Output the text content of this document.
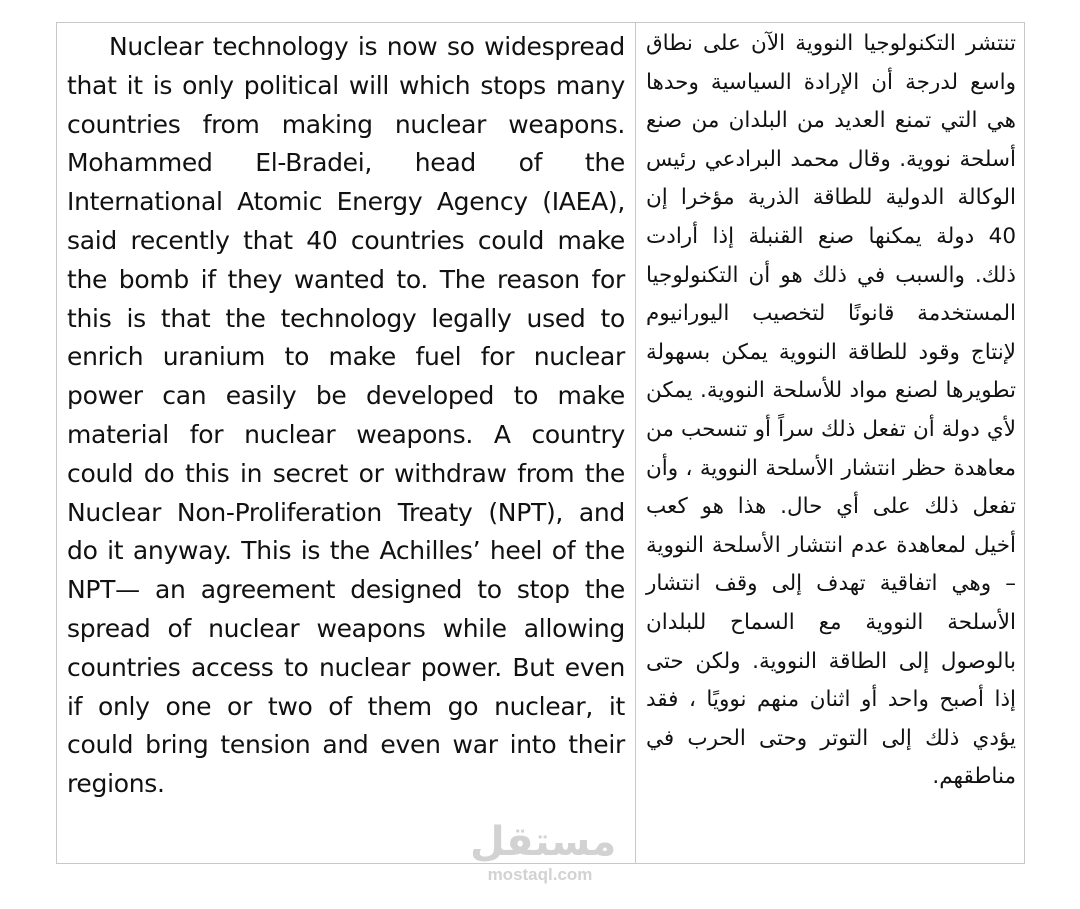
Nuclear technology is now so widespread that it is only political will which stops many countries from making nuclear weapons. Mohammed El-Bradei, head of the International Atomic Energy Agency (IAEA), said recently that 40 countries could make the bomb if they wanted to. The reason for this is that the technology legally used to enrich uranium to make fuel for nuclear power can easily be developed to make material for nuclear weapons. A country could do this in secret or withdraw from the Nuclear Non-Proliferation Treaty (NPT), and do it anyway. This is the Achilles’ heel of the NPT— an agreement designed to stop the spread of nuclear weapons while allowing countries access to nuclear power. But even if only one or two of them go nuclear, it could bring tension and even war into their regions.

تنتشر التكنولوجيا النووية الآن على نطاق واسع لدرجة أن الإرادة السياسية وحدها هي التي تمنع العديد من البلدان من صنع أسلحة نووية. وقال محمد البرادعي رئيس الوكالة الدولية للطاقة الذرية مؤخرا إن 40 دولة يمكنها صنع القنبلة إذا أرادت ذلك. والسبب في ذلك هو أن التكنولوجيا المستخدمة قانونًا لتخصيب اليورانيوم لإنتاج وقود للطاقة النووية يمكن بسهولة تطويرها لصنع مواد للأسلحة النووية. يمكن لأي دولة أن تفعل ذلك سراً أو تنسحب من معاهدة حظر انتشار الأسلحة النووية ، وأن تفعل ذلك على أي حال. هذا هو كعب أخيل لمعاهدة عدم انتشار الأسلحة النووية – وهي اتفاقية تهدف إلى وقف انتشار الأسلحة النووية مع السماح للبلدان بالوصول إلى الطاقة النووية. ولكن حتى إذا أصبح واحد أو اثنان منهم نوويًا ، فقد يؤدي ذلك إلى التوتر وحتى الحرب في مناطقهم.

مستقل
mostaql.com
